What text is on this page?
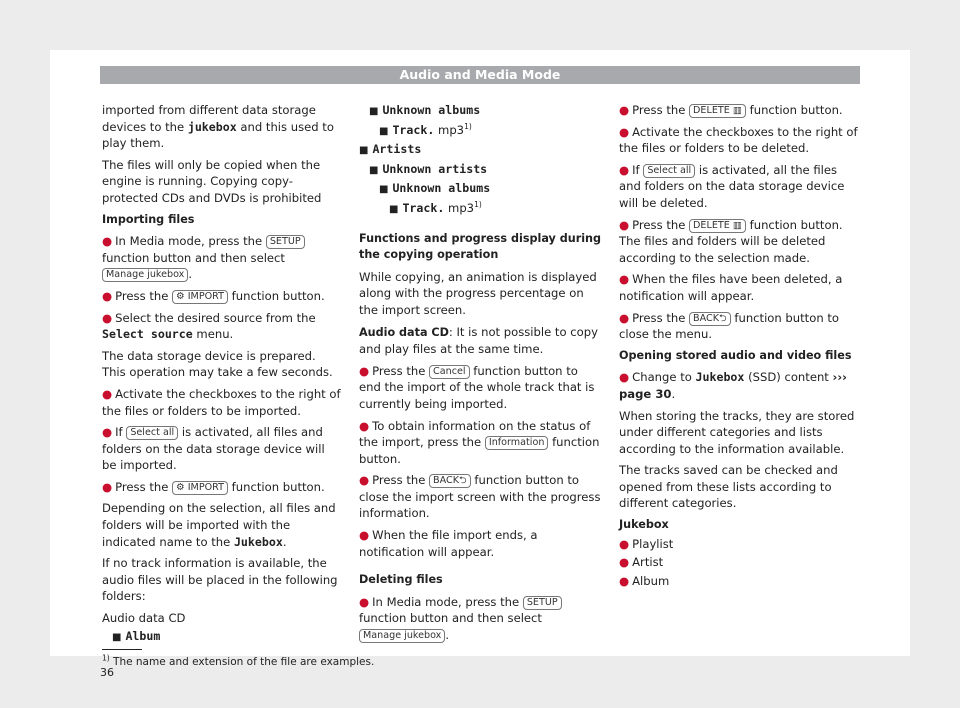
Audio and Media Mode

imported from different data storage devices to the jukebox and this used to play them.

The files will only be copied when the engine is running. Copying copy-protected CDs and DVDs is prohibited

Importing files

● In Media mode, press the SETUP function button and then select Manage jukebox .

● Press the ⚙ IMPORT function button.

● Select the desired source from the Select source menu.

The data storage device is prepared. This operation may take a few seconds.

● Activate the checkboxes to the right of the files or folders to be imported.

● If Select all is activated, all files and folders on the data storage device will be imported.

● Press the ⚙ IMPORT function button.

Depending on the selection, all files and folders will be imported with the indicated name to the Jukebox.

If no track information is available, the audio files will be placed in the following folders:

Audio data CD

■ Album

■ Unknown albums

■ Track. mp3$^{1)}$

■ Artists

■ Unknown artists

■ Unknown albums

■ Track. mp3$^{1)}$

Functions and progress display during the copying operation

While copying, an animation is displayed along with the progress percentage on the import screen.

Audio data CD: It is not possible to copy and play files at the same time.

● Press the Cancel function button to end the import of the whole track that is currently being imported.

● To obtain information on the status of the import, press the Information function button.

● Press the BACK⮌ function button to close the import screen with the progress information.

● When the file import ends, a notification will appear.

Deleting files

● In Media mode, press the SETUP function button and then select Manage jukebox .

● Press the DELETE ▥ function button.

● Activate the checkboxes to the right of the files or folders to be deleted.

● If Select all is activated, all the files and folders on the data storage device will be deleted.

● Press the DELETE ▥ function button. The files and folders will be deleted according to the selection made.

● When the files have been deleted, a notification will appear.

● Press the BACK⮌ function button to close the menu.

Opening stored audio and video files

● Change to Jukebox (SSD) content ››› page 30.

When storing the tracks, they are stored under different categories and lists according to the information available.

The tracks saved can be checked and opened from these lists according to different categories.

Jukebox

● Playlist

● Artist

● Album

$^{1)}$ The name and extension of the file are examples.
36
